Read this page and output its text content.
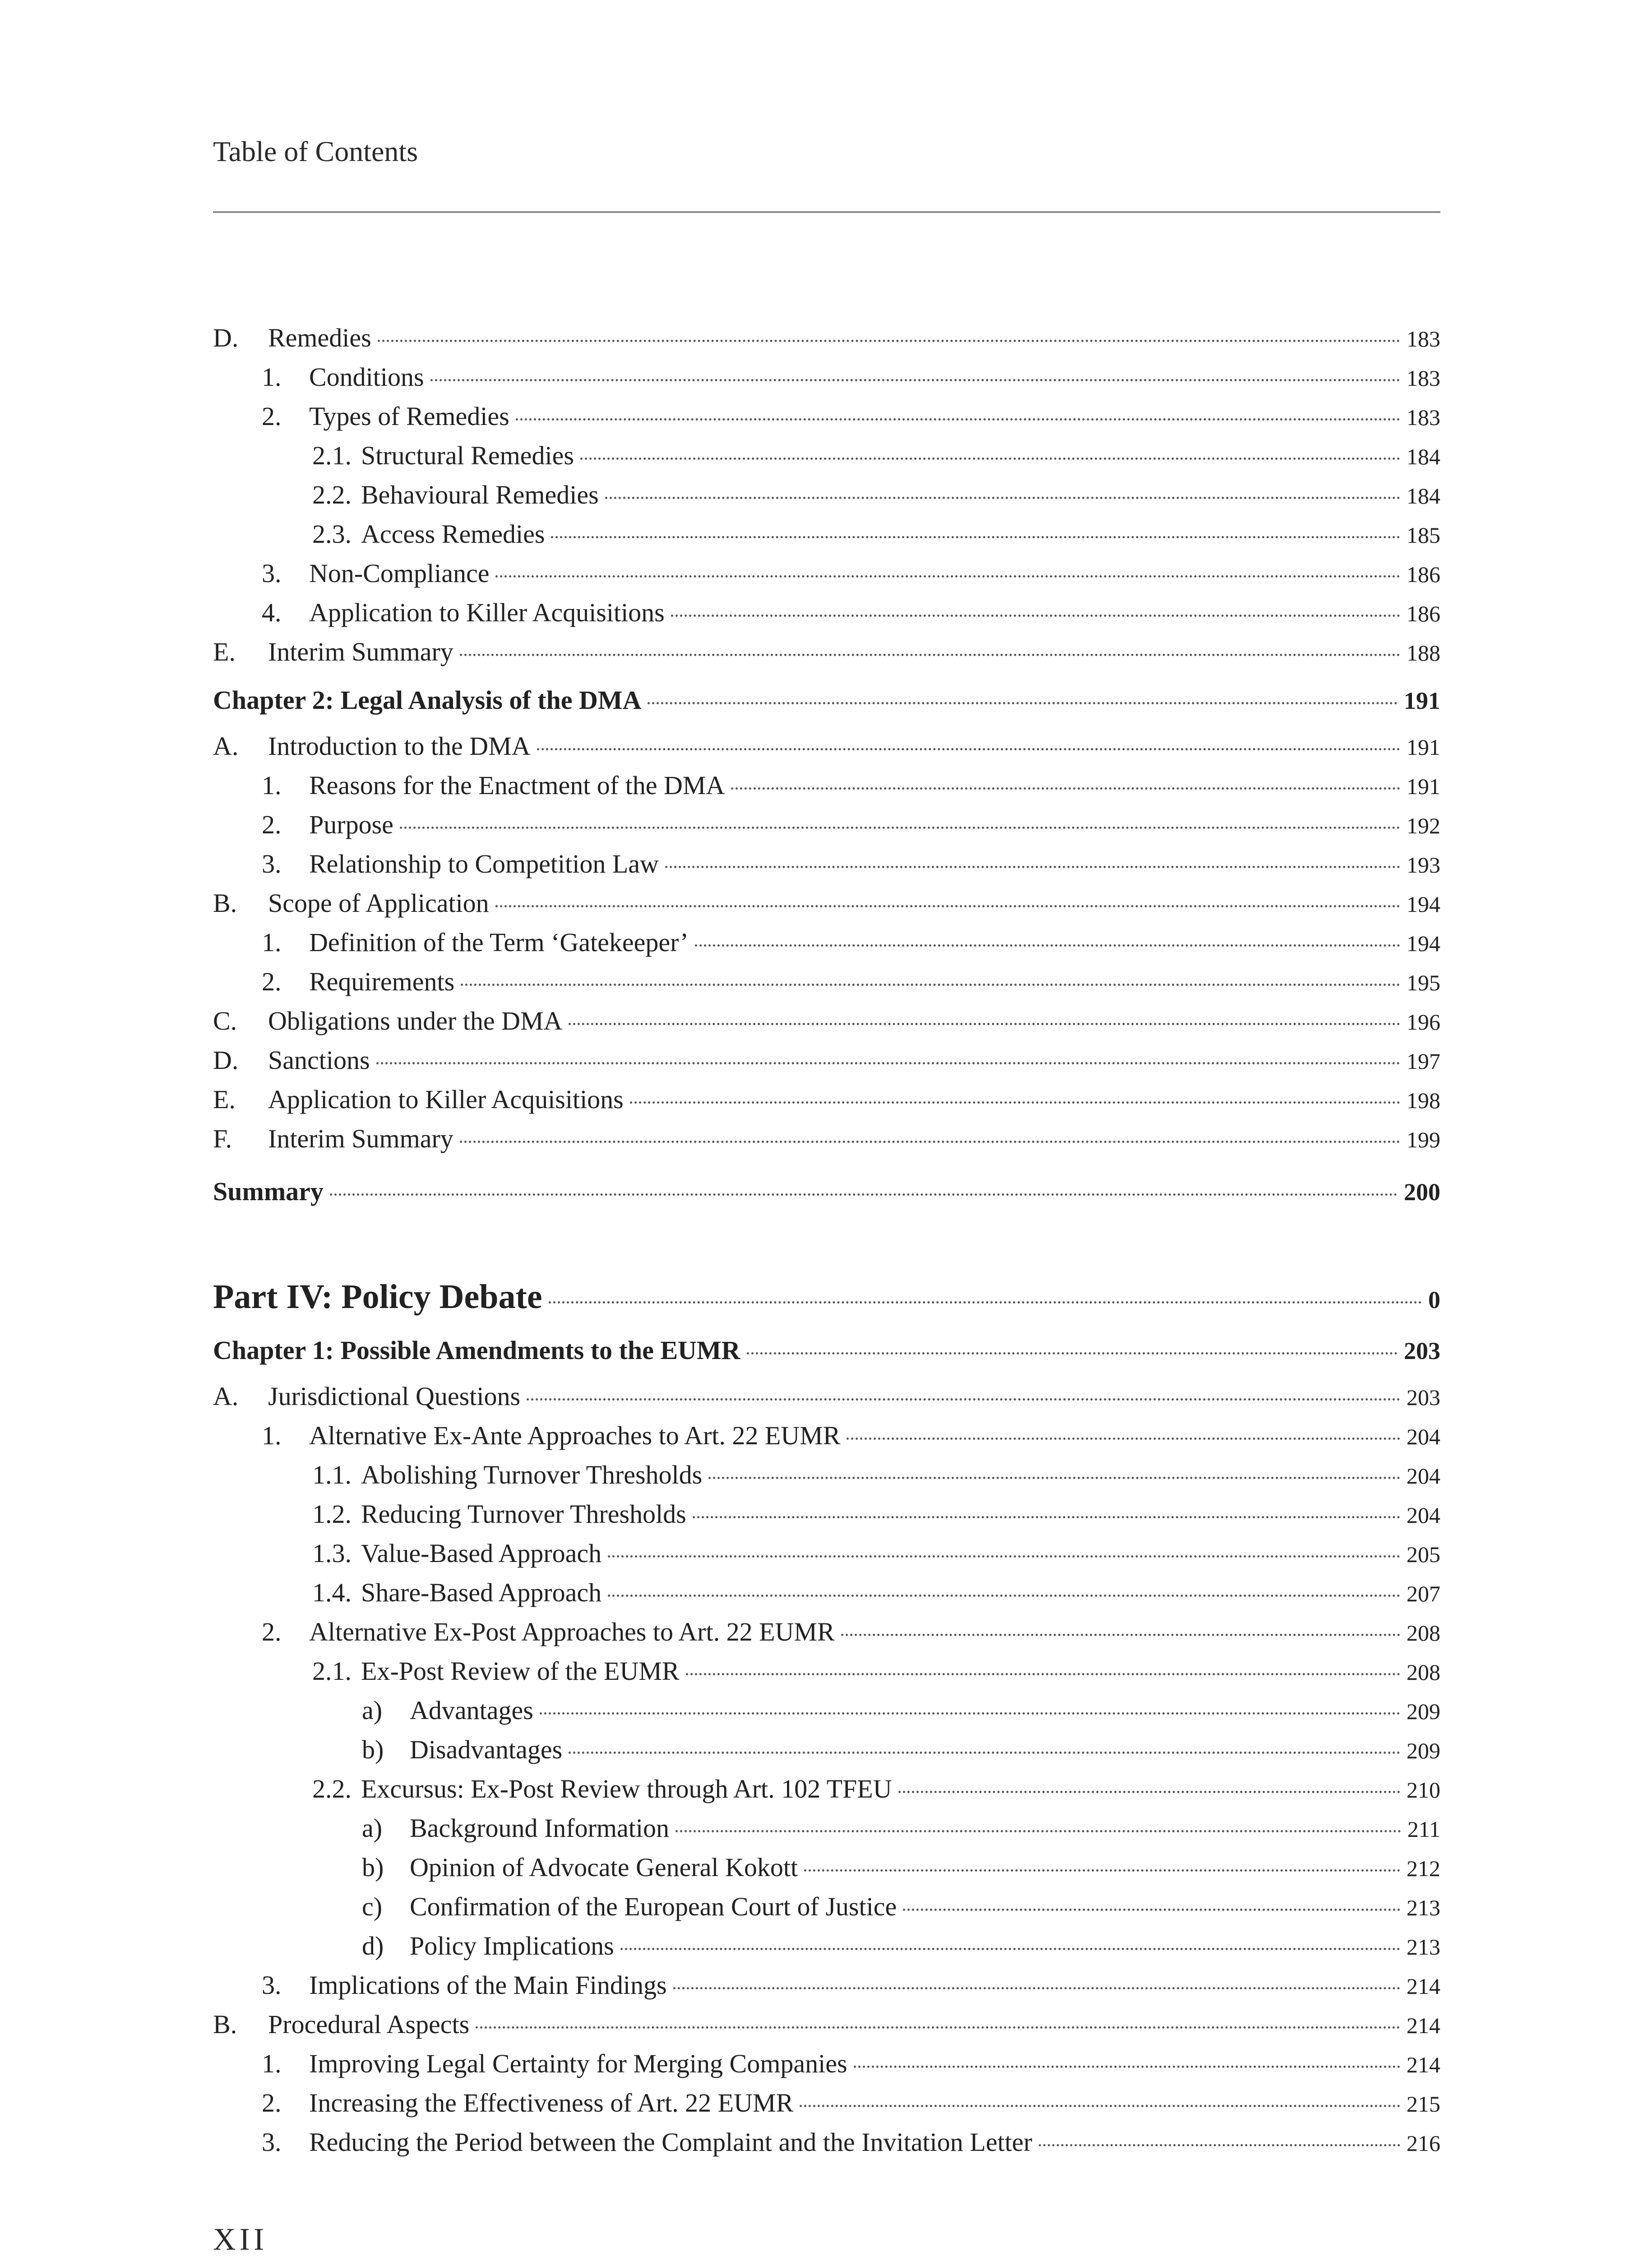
Table of Contents
D.	Remedies	183
1.	Conditions	183
2.	Types of Remedies	183
2.1. Structural Remedies	184
2.2. Behavioural Remedies	184
2.3. Access Remedies	185
3.	Non-Compliance	186
4.	Application to Killer Acquisitions	186
E.	Interim Summary	188
Chapter 2: Legal Analysis of the DMA	191
A.	Introduction to the DMA	191
1.	Reasons for the Enactment of the DMA	191
2.	Purpose	192
3.	Relationship to Competition Law	193
B.	Scope of Application	194
1.	Definition of the Term ‘Gatekeeper’	194
2.	Requirements	195
C.	Obligations under the DMA	196
D.	Sanctions	197
E.	Application to Killer Acquisitions	198
F.	Interim Summary	199
Summary	200
Part IV: Policy Debate	0
Chapter 1: Possible Amendments to the EUMR	203
A.	Jurisdictional Questions	203
1.	Alternative Ex-Ante Approaches to Art. 22 EUMR	204
1.1. Abolishing Turnover Thresholds	204
1.2. Reducing Turnover Thresholds	204
1.3. Value-Based Approach	205
1.4. Share-Based Approach	207
2.	Alternative Ex-Post Approaches to Art. 22 EUMR	208
2.1. Ex-Post Review of the EUMR	208
a)	Advantages	209
b) Disadvantages	209
2.2. Excursus: Ex-Post Review through Art. 102 TFEU	210
a)	Background Information	211
b) Opinion of Advocate General Kokott	212
c)	Confirmation of the European Court of Justice	213
d) Policy Implications	213
3.	Implications of the Main Findings	214
B.	Procedural Aspects	214
1.	Improving Legal Certainty for Merging Companies	214
2.	Increasing the Effectiveness of Art. 22 EUMR	215
3.	Reducing the Period between the Complaint and the Invitation Letter	216
XII
